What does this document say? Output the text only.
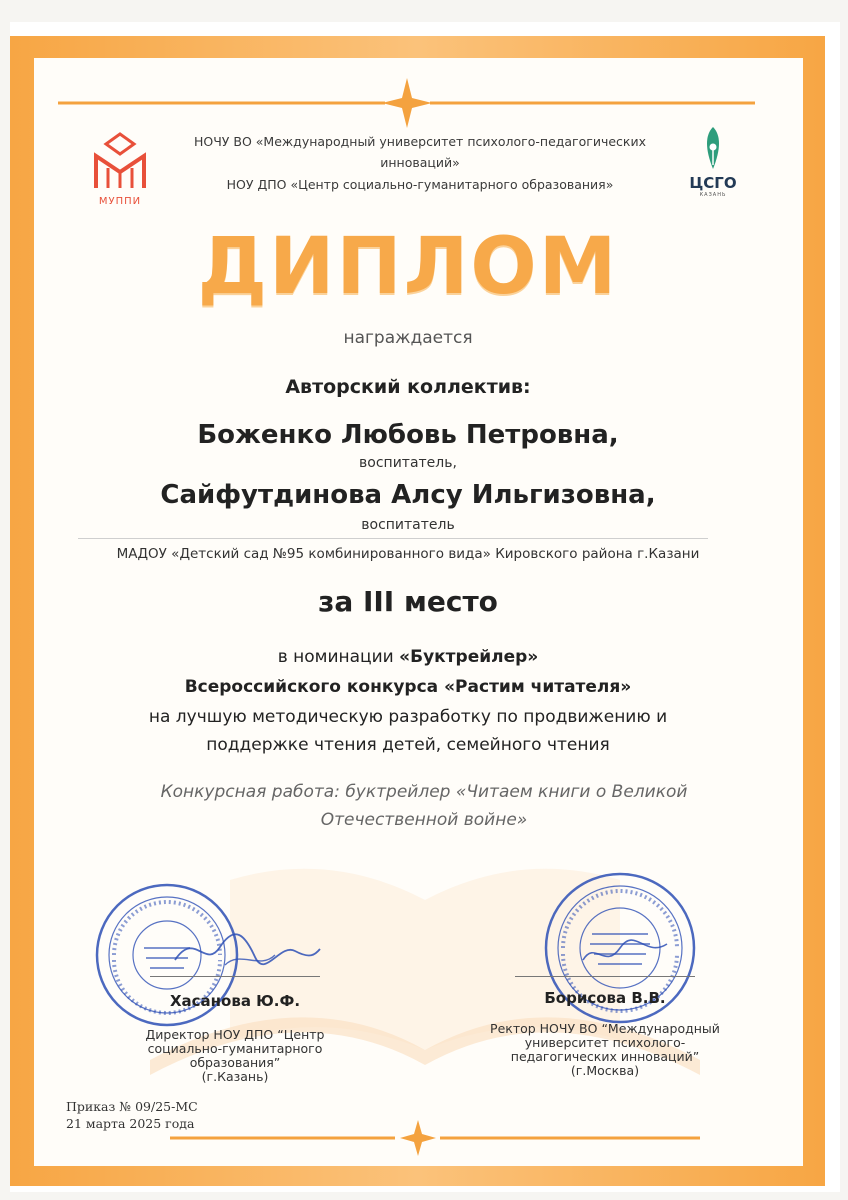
МУППИ
ЦСГО
КАЗАНЬ
НОЧУ ВО «Международный университет психолого-педагогических
инноваций»
НОУ ДПО «Центр социально-гуманитарного образования»
ДИПЛОМ
награждается
Авторский коллектив:
Боженко Любовь Петровна,
воспитатель,
Сайфутдинова Алсу Ильгизовна,
воспитатель
МАДОУ «Детский сад №95 комбинированного вида» Кировского района г.Казани
за III место
в номинации «Буктрейлер»
Всероссийского конкурса «Растим читателя»
на лучшую методическую разработку по продвижению и
поддержке чтения детей, семейного чтения
Конкурсная работа: буктрейлер «Читаем книги о Великой
Отечественной войне»
Хасанова Ю.Ф.
Директор НОУ ДПО “Центр
социально-гуманитарного
образования”
(г.Казань)
Борисова В.В.
Ректор НОЧУ ВО “Международный
университет психолого-
педагогических инноваций”
(г.Москва)
Приказ № 09/25-МС
21 марта 2025 года
